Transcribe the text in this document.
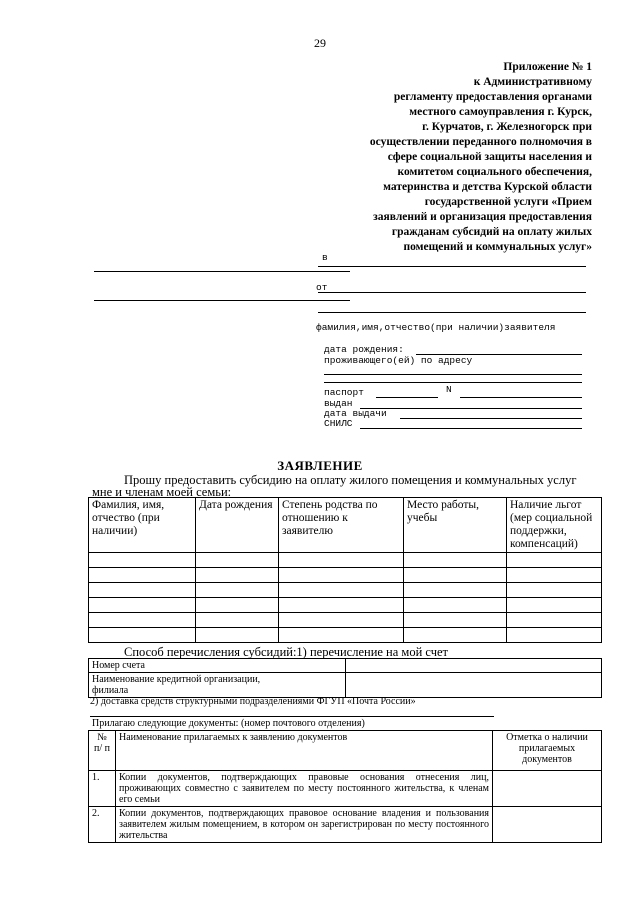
29
Приложение № 1
к Административному
регламенту предоставления органами
местного самоуправления г. Курск,
г. Курчатов, г. Железногорск при
осуществлении переданного полномочия в
сфере социальной защиты населения и
комитетом социального обеспечения,
материнства и детства Курской области
государственной услуги «Прием
заявлений и организация предоставления
гражданам субсидий на оплату жилых
помещений и коммунальных услуг»
в
от
фамилия,имя,отчество(при наличии)заявителя
дата рождения:
проживающего(ей) по адресу
паспорт	N
выдан
дата выдачи
СНИЛС
ЗАЯВЛЕНИЕ
Прошу предоставить субсидию на оплату жилого помещения и коммунальных услуг
мне и членам моей семьи:
Фамилия, имя, отчество (при наличии)	Дата рождения	Степень родства по отношению к заявителю	Место работы, учебы	Наличие льгот (мер социальной поддержки, компенсаций)

Способ перечисления субсидий:1) перечисление на мой счет
Номер счета	

Наименование кредитной организации,
филиала	

2) доставка средств структурными подразделениями ФГУП «Почта России»
Прилагаю следующие документы: (номер почтового отделения)
№ п/ п	Наименование прилагаемых к заявлению документов	Отметка о наличии прилагаемых документов
1.	Копии документов, подтверждающих правовые основания отнесения лиц, проживающих совместно с заявителем по месту постоянного жительства, к членам его семьи	
2.	Копии документов, подтверждающих правовое основание владения и пользования заявителем жилым помещением, в котором он зарегистрирован по месту постоянного жительства	
